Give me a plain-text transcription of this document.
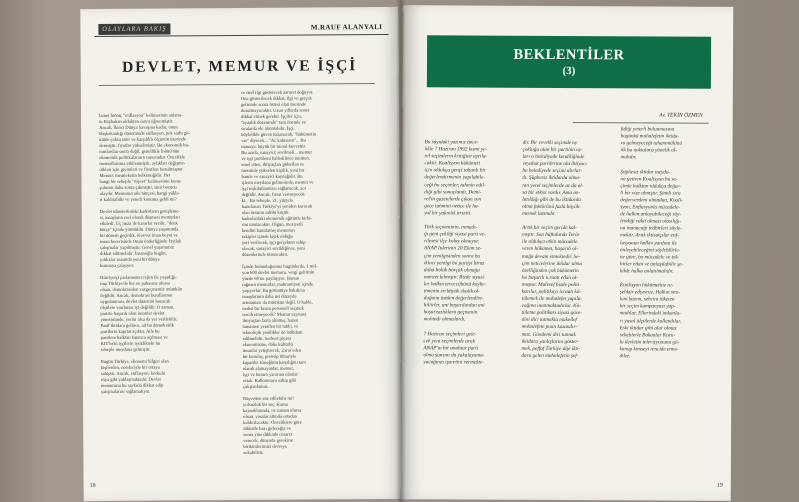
OLAYLARA BAKIŞ	M.RAUF ALANYALI
DEVLET, MEMUR VE İŞÇİ
İsmet İnönü, "enflasyon" kelimesinin anlamı-
nı Başbakan olduktan sonra öğrenmiştir.
Ancak, İkinci Dünya Savaşına kadar, onun
Başbakanlığı döneminde enflasyon, pek sarhı gö-
külde çoktu sinir ve karşılıklı ölçünün üzerinde
dermiştir, fiyatlar yükselmiştir. Bu ekonomik bu-
nımlardan sonra değil, genellikle İnönü'nün
ekonomik politikalarının sonucudur. Öncelikle
memurlarımız etkilenmiştir, aylıkları değişme-
dikleri için giyimleri ve fiyatları bozulmuştur.
Memur, memleketin belkemiğidir. Her
hangi bir sebeple "rüşvet" kelimesinin konu-
şulması daha sonra çıkmıştır, sinir bozucu
olaydır. Memurun aile bütçesi, hangi yükle-
ri kaldırabilir ve yeterli konuma geldi mi?

Devlet idarelerindeki kadroların genişleme-
si, maaşların reel olarak düşmesi memurları
etkiledi. Üç imza ile kararlar verilir, "denk
bütçe" içinde yürütüldü. Dünya yaşamında
bir dönem geçirdik. Kuvvet iman beyni ve
insan becerisinde Onun önderliğinde faydalı
çalışmalar yapılmıştır. Genel yaşamımız
dikkat edilmelidir. İnsanoğlu bugün,
yıldızlar arasında yeni bir dünya
kurmaya çalışıyor.

Hürriyetçi parlamenter rejim ile yaşadığı-
mız Türkiye'de her ne pahasına olursa
olsun, demokrasiden vazgeçmemiz mümkün
değildir. Ancak, demokrasi kurallarının
uygulanması, devlet düzenini bozacak
ölçülere varılması iyi değildir. O zaman,
pariste başarılı olan insanlar devlet
yönetiminde, yerini alsa da yer verilebilir.
Pasif iktidara gelince, ait bu demokratik
partilerin kapılar açıktır. Aile bu
partilere halktan kazınca açılması ve
KIT'lerin işçilerin işsizlikteki bu
sebeple meydana gelmiştir.

Bugün Türkiye, ekonomi bilgisi olan
kişilerden, nereleriyle bir ortaya
sahiptir. Ancak, enflasyon, korkulu
rüya gibi yaklaşmaktadır. Devlet
memurunu bu sayfada dikkat edip
çalışmalarını sağlamalıyız.
ve özel ilgi gösterecek zaruret doğuyor.
Ona gösterilecek dikkat, ilgi ve gerçek
gelirinde sonra üstesi olan üzerinde
durulmayacaktır. Uzun yıllarda sonra
dikkat etmek gerekir. İşçiler için,
"işsizlik düzeninde" tam önemle ve
sıralarda ele alınmalıdır. İşçi,
böylelikle güven kazanacak, "hükümetin
var" diyecek... "Ac kalmasın"... Bu
manaya, büyük bir moral kuvvettir.
Bu arada, sanayici; sevilmeli... memur
ve işçi problemi halledilince ümitten,
emel etten, ihtiyaçları giderilen ve
üretimde yükselen kişilik, yeni bir
hamle ve sanayici kaynağıdır. Bu
işlerin meydana gelmesinde, memur ve
işçi teşkilatlanması sağlanacak, zor
değildir. Ancak, fırsat vermeyecek
ki... Bu sebeple, 21. yüzyıla
hazırlanan Türkiye'yi yeniden kuracak
olan insanın sahibi küçük
kadrolardaki ekonomik eğitimle birbi-
rini tanıtacaktır. Olgun, meziyetli
kendini kanıtlamış memurun
rakipler içinde layık olduğu
yeri verilecek, işçi gerçekten sahip
olacak, sanayici sevildiğince, yeni
düzenlerinde inanacaktır.

İçinde bulunduğumuz bugünlerde, 1 mil-
yon 600 devlet memuru, vergi gelirinin
yüzde 60'ını paylaşıyor. Bunun
rağmen memurlar, mahrumiyeti içinde
yaşıyorlar. Bu görüntüye bakılırsa
maaşlarının daha üst düzeyde
artmaması da mümkün değil. O halde,
neden bir kısım personeli seçmek
tercih etmeyecek? Memur sayısına
ihtiyaçtan fazla alınmış, bazen
tamamen yeniden bir tablo, ve
teknolojik yenilikler de istihdam
edilmelidir. Serbest piyasa
ekonomisine, daha kültürlü
insanlar yetiştirerek, Zarar eden
bir kuruluş, prensip itibariyle
kapatılır. Emeğinin karşılığını tam
olarak alamayanlar, memur,
işçi ve kurum yararına olanlar
ortak. Kalkınmaya sahip gibi
çalıştırılamaz.

Rüşvetten söz edilebilir mi?
yolsuzluk bir suç. Kamu
kaynaklarında, ne zaman olursa
olsun, yasalar altında ortadan
kaldırılacaktır. Önceliklere göre
dikkatle bazı gideceğiz ve
sonra yine dikkatle cesaret
verecek, dünyada gerekirse
birikimlerimizi devreye
sokabiliriz.
18
BEKLENTİLER
(3)
Av. TEKİN ÖZMEN
Bu sayıdaki yazımız önce-
likle 7 Haziran 1992 kısmi ye-
rel seçimlerin kritiğine ayrıla-
caktır. Koalisyon hükümeti
için oldukça gençi tabanlı bir
değerlendirmenin yapılabile-
ceği bu seçimler, tahmin edil-
diği gibi sonuçlandı. Demi-
rel'in gazetelerde çıkan son
gece tahmini netice ile ha-
yal bir yakınlık arzetti.

Türk seçmeninin, inmadı-
ğı geni çekilği siyasi parti ve-
rilmesi ilçe kolay olmuyor.
ANAP liderinin 20 Ekim se-
çim yenilgisinden sonra bu
ikinci yenilgi bu partiyi biraz
daha bölük börçük olmağa
namzet kılmıştır. Bizde siyasi-
ler halkın teveccühünü kaybe-
ttmenin en büyük ekalik ol-
duğunu üstden değerlendire-
biliirler, ani başarılardan ani
başarısızlıklara geçmenin
muhtadı olmazlardı.

7 Haziran seçimleri gele-
cek yeni seçimlerde artık
ANAP'ın bir anahtar parti
olma şansını da yakalayama-
yacağının işaretini vermekte-
dir. Bir evvelki seçimde oy
çokluğu olan bir partinin oy-
ları o belediyede kendiliğinde
veyahut partilerine ola ihtiyacı
bu belediyede seçimi alırlar-
dı. Şüphesiz iktidarda olma-
nın yerel seçimlerde az da ol-
sa bir etkisi vardır. Ama an-
latıldığı gibi de bu iktidarda
olma faktörünü fazla büyük-
memek lazımdır.

Artık bir seçim geride kal-
mıştır. Son haftalarda Terör
ile oldukça etkin mücadele
veren hükümet, başarılı ol-
mağa devam etmektedir. Se-
çim neticelerine iktidar olma
özelliğinden çok hükümetin
bu başarılı icraatı etkin ol-
muştur. Malesef bizde politi-
kacılar, politikayı icraatı kö-
tülemek ile muhalefet yapıla-
cağına inanmaktadırlar. Kö-
tüleme politikası siyasi güve-
dini diri tutmakla mükellef
muhalefete puan kazandır-
maz. Gündemi diri tutmak
iktidara yanlışlarını göster-
mek, peffaf Türkiye dije ikti-
dara gelen muhalefetin şef-
fafiği yeterli bulunmasına
bugünkü muhalefetin iktida-
ra gelmeyeceği tahammülünü
ilk bu noktalara yönelik ol-
malıdır.

Şüphesiz iktidar meyda-
na getiren Koalisyon bu se-
çimle halktan oldukça değer-
li bir vize almıştır. Şimdi sıra
değerverdeni almadan, Koali-
syon, Enflasyonla mücadele-
de halkın anlayabileceği söy-
lendiği vakit olmazı olasılığı-
na inanacağı tedbirleri söyle-
mektir. Artık iktisatçılar enf-
lasyonun halkın yardımı ile
önleyebileceğini söylebilirle-
ne göre, bu mücadele ve tek-
birler etkin ve anlaşılabilir şe-
kilde halka anlatılmalıdır.

Koalisyon hükümetine re-
şehkür ediyoruz. Halkın stre-
leni bazım, sebrini tüketen
bir seçim kampanyası yap-
madılar. Ellerindeki imkanla-
rı yasal ölçülerde kullandılar.
Eski iktidar gibi olur olmaz
sebeblerle Bakanlar Kuru-
lu devletin televizyonunu gö-
kunup kimseyi rencide etme-
diler.
19
